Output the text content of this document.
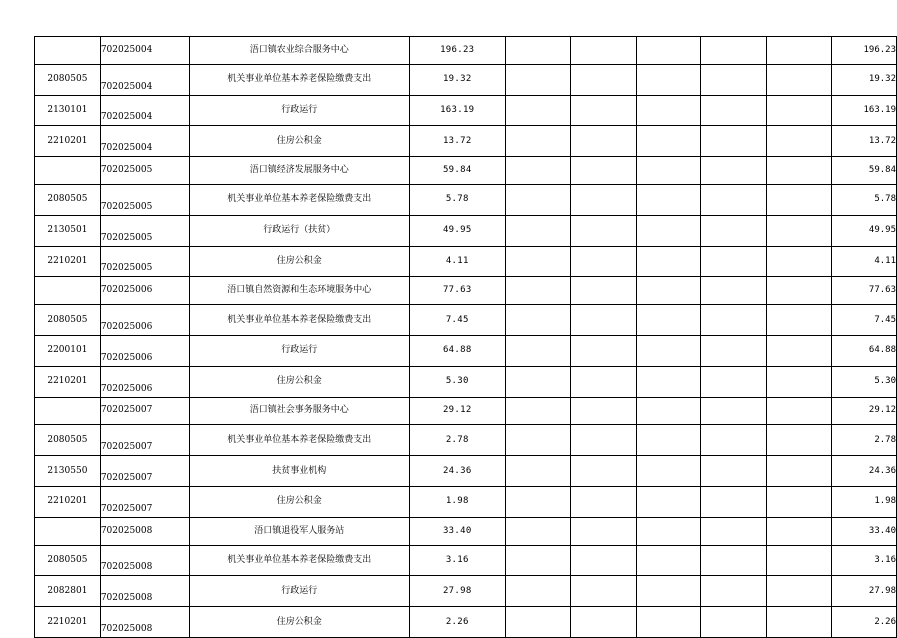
	702025004	浯口镇农业综合服务中心	196.23						196.23
2080505	702025004	机关事业单位基本养老保险缴费支出	19.32						19.32
2130101	702025004	行政运行	163.19						163.19
2210201	702025004	住房公积金	13.72						13.72
	702025005	浯口镇经济发展服务中心	59.84						59.84
2080505	702025005	机关事业单位基本养老保险缴费支出	5.78						5.78
2130501	702025005	行政运行（扶贫）	49.95						49.95
2210201	702025005	住房公积金	4.11						4.11
	702025006	浯口镇自然资源和生态环境服务中心	77.63						77.63
2080505	702025006	机关事业单位基本养老保险缴费支出	7.45						7.45
2200101	702025006	行政运行	64.88						64.88
2210201	702025006	住房公积金	5.30						5.30
	702025007	浯口镇社会事务服务中心	29.12						29.12
2080505	702025007	机关事业单位基本养老保险缴费支出	2.78						2.78
2130550	702025007	扶贫事业机构	24.36						24.36
2210201	702025007	住房公积金	1.98						1.98
	702025008	浯口镇退役军人服务站	33.40						33.40
2080505	702025008	机关事业单位基本养老保险缴费支出	3.16						3.16
2082801	702025008	行政运行	27.98						27.98
2210201	702025008	住房公积金	2.26						2.26
